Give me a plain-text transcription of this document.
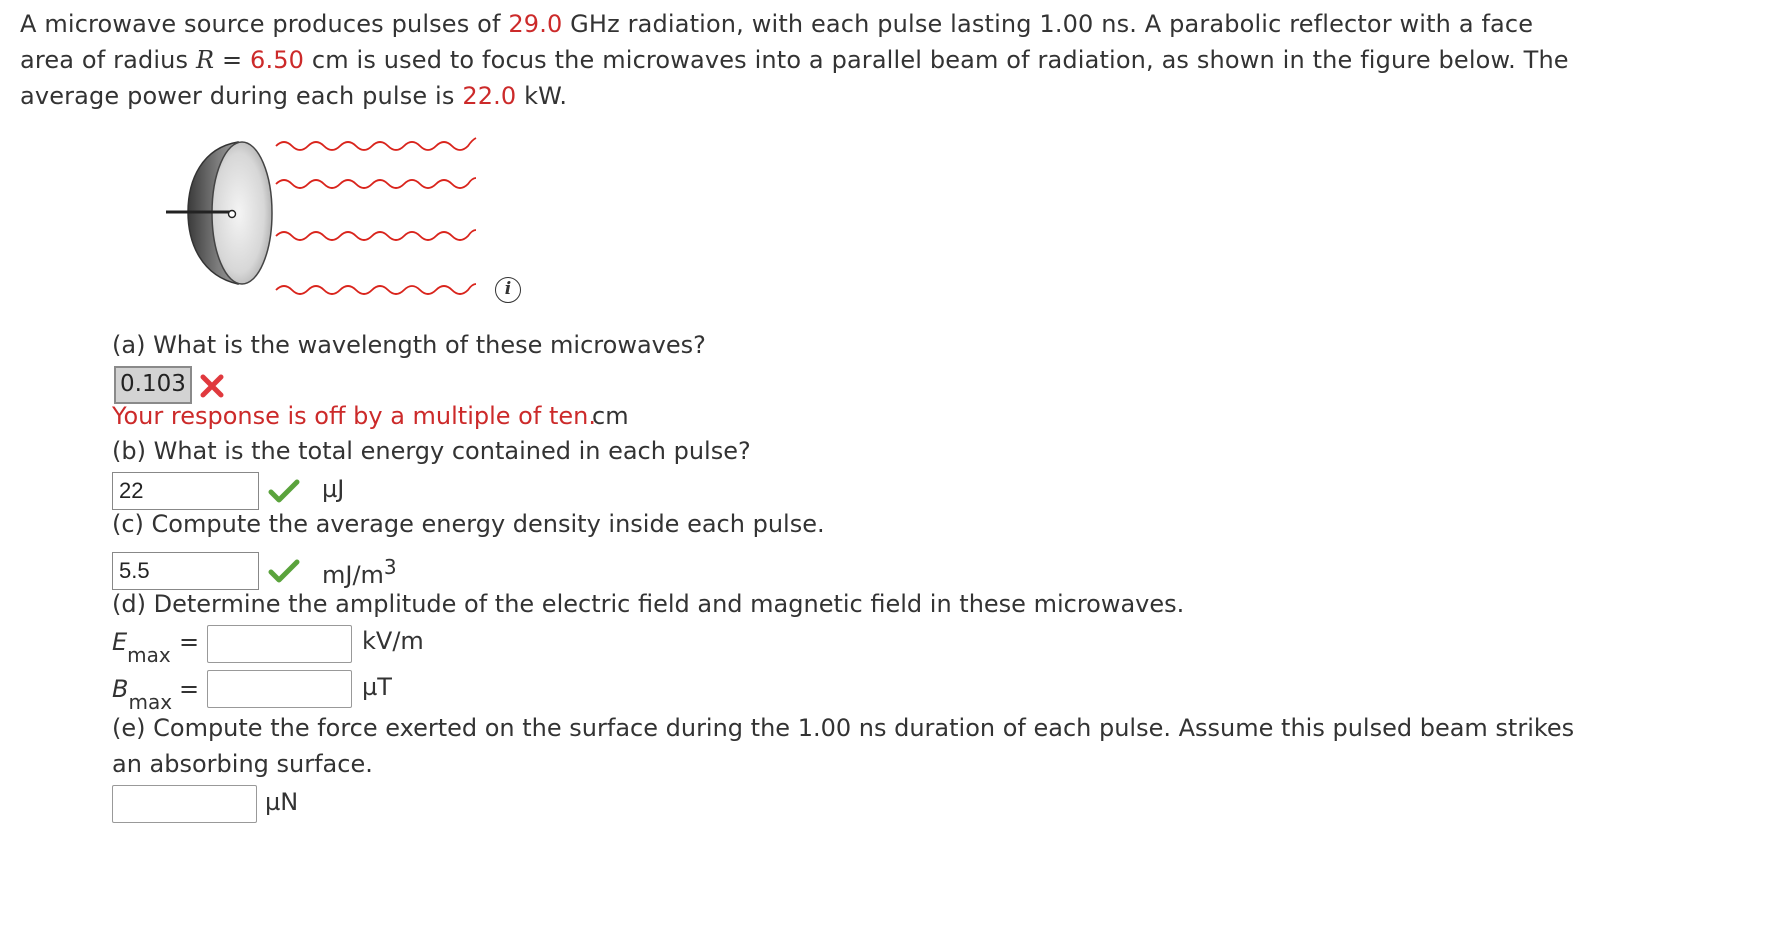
A microwave source produces pulses of 29.0 GHz radiation, with each pulse lasting 1.00 ns. A parabolic reflector with a face area of radius R = 6.50 cm is used to focus the microwaves into a parallel beam of radiation, as shown in the figure below. The average power during each pulse is 22.0 kW.
i
(a) What is the wavelength of these microwaves?
0.103
Your response is off by a multiple of ten.
cm
(b) What is the total energy contained in each pulse?
22	µJ
(c) Compute the average energy density inside each pulse.
5.5	$mJ/m^3$
(d) Determine the amplitude of the electric field and magnetic field in these microwaves.
$E_{max}$ =	kV/m
$B_{max}$ =	µT
(e) Compute the force exerted on the surface during the 1.00 ns duration of each pulse. Assume this pulsed beam strikes
an absorbing surface.
µN
